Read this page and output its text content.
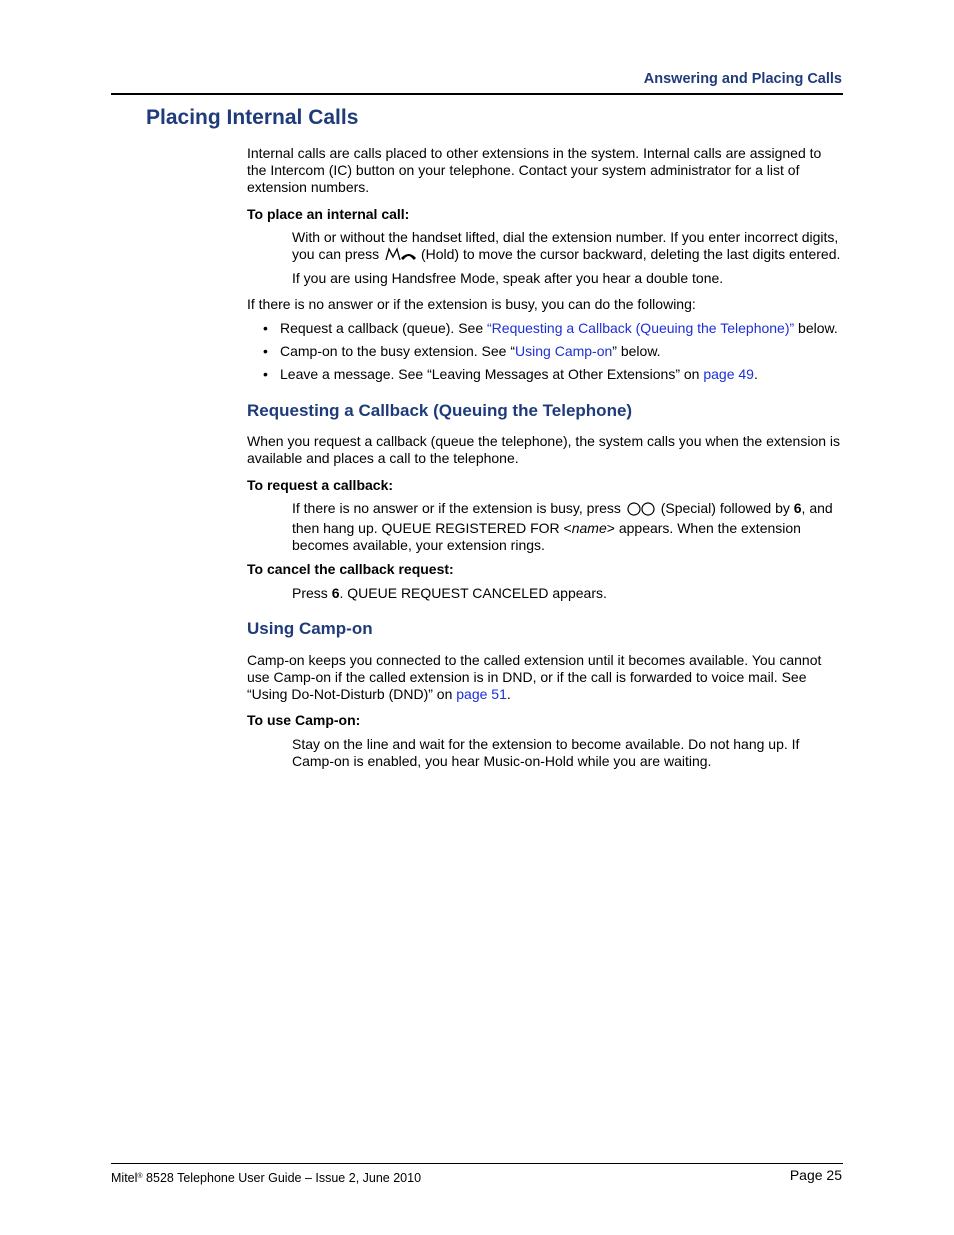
Answering and Placing Calls
Placing Internal Calls
Internal calls are calls placed to other extensions in the system. Internal calls are assigned to
the Intercom (IC) button on your telephone. Contact your system administrator for a list of
extension numbers.
To place an internal call:
With or without the handset lifted, dial the extension number. If you enter incorrect digits,
you can press	(Hold) to move the cursor backward, deleting the last digits entered.
If you are using Handsfree Mode, speak after you hear a double tone.
If there is no answer or if the extension is busy, you can do the following:
• Request a callback (queue). See “Requesting a Callback (Queuing the Telephone)” below.
• Camp-on to the busy extension. See “Using Camp-on” below.
• Leave a message. See “Leaving Messages at Other Extensions” on page 49.
Requesting a Callback (Queuing the Telephone)
When you request a callback (queue the telephone), the system calls you when the extension is
available and places a call to the telephone.
To request a callback:
If there is no answer or if the extension is busy, press	(Special) followed by 6, and
then hang up. QUEUE REGISTERED FOR <name> appears. When the extension
becomes available, your extension rings.
To cancel the callback request:
Press 6. QUEUE REQUEST CANCELED appears.
Using Camp-on
Camp-on keeps you connected to the called extension until it becomes available. You cannot
use Camp-on if the called extension is in DND, or if the call is forwarded to voice mail. See
“Using Do-Not-Disturb (DND)” on page 51.
To use Camp-on:
Stay on the line and wait for the extension to become available. Do not hang up. If
Camp-on is enabled, you hear Music-on-Hold while you are waiting.
Mitel® 8528 Telephone User Guide – Issue 2, June 2010	Page 25
